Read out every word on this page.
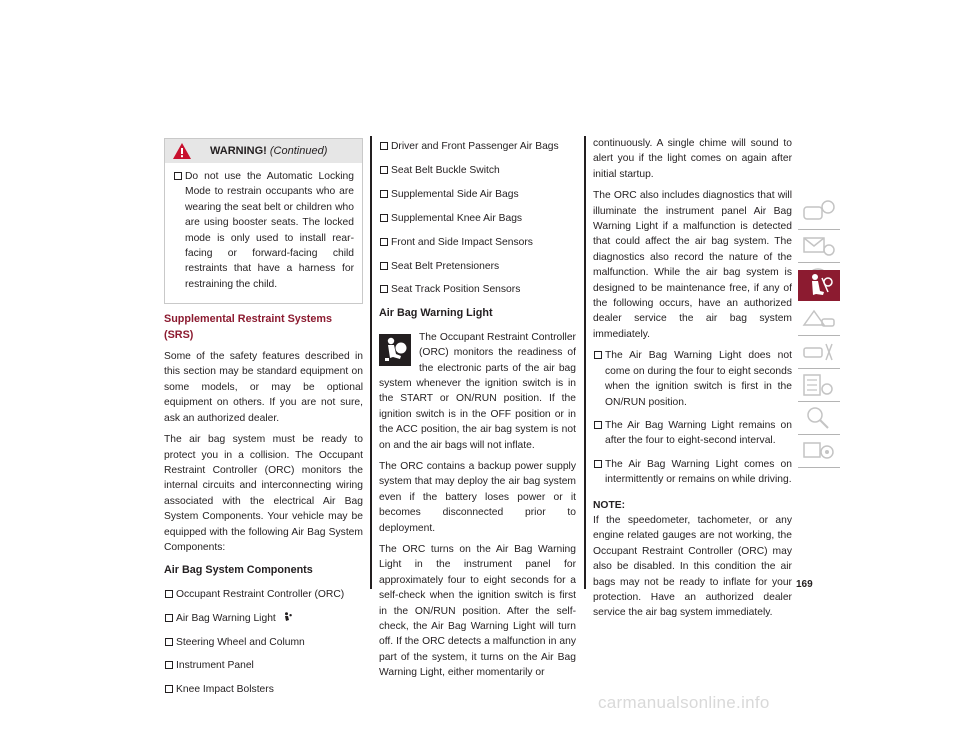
WARNING! (Continued)
Do not use the Automatic Locking Mode to restrain occupants who are wearing the seat belt or children who are using booster seats. The locked mode is only used to install rear-facing or forward-facing child restraints that have a harness for restraining the child.
Supplemental Restraint Systems (SRS)

Some of the safety features described in this section may be standard equipment on some models, or may be optional equipment on others. If you are not sure, ask an authorized dealer.

The air bag system must be ready to protect you in a collision. The Occupant Restraint Controller (ORC) monitors the internal circuits and interconnecting wiring associated with the electrical Air Bag System Components. Your vehicle may be equipped with the following Air Bag System Components:

Air Bag System Components
Occupant Restraint Controller (ORC)
Air Bag Warning Light
Steering Wheel and Column
Instrument Panel
Knee Impact Bolsters
Driver and Front Passenger Air Bags
Seat Belt Buckle Switch
Supplemental Side Air Bags
Supplemental Knee Air Bags
Front and Side Impact Sensors
Seat Belt Pretensioners
Seat Track Position Sensors
Air Bag Warning Light

The Occupant Restraint Controller (ORC) monitors the readiness of the electronic parts of the air bag system whenever the ignition switch is in the START or ON/RUN position. If the ignition switch is in the OFF position or in the ACC position, the air bag system is not on and the air bags will not inflate.

The ORC contains a backup power supply system that may deploy the air bag system even if the battery loses power or it becomes disconnected prior to deployment.

The ORC turns on the Air Bag Warning Light in the instrument panel for approximately four to eight seconds for a self-check when the ignition switch is first in the ON/RUN position. After the self-check, the Air Bag Warning Light will turn off. If the ORC detects a malfunction in any part of the system, it turns on the Air Bag Warning Light, either momentarily or

continuously. A single chime will sound to alert you if the light comes on again after initial startup.

The ORC also includes diagnostics that will illuminate the instrument panel Air Bag Warning Light if a malfunction is detected that could affect the air bag system. The diagnostics also record the nature of the malfunction. While the air bag system is designed to be maintenance free, if any of the following occurs, have an authorized dealer service the air bag system immediately.

The Air Bag Warning Light does not come on during the four to eight seconds when the ignition switch is first in the ON/RUN position.
The Air Bag Warning Light remains on after the four to eight-second interval.
The Air Bag Warning Light comes on intermittently or remains on while driving.
NOTE:

If the speedometer, tachometer, or any engine related gauges are not working, the Occupant Restraint Controller (ORC) may also be disabled. In this condition the air bags may not be ready to inflate for your protection. Have an authorized dealer service the air bag system immediately.

169
carmanualsonline.info
